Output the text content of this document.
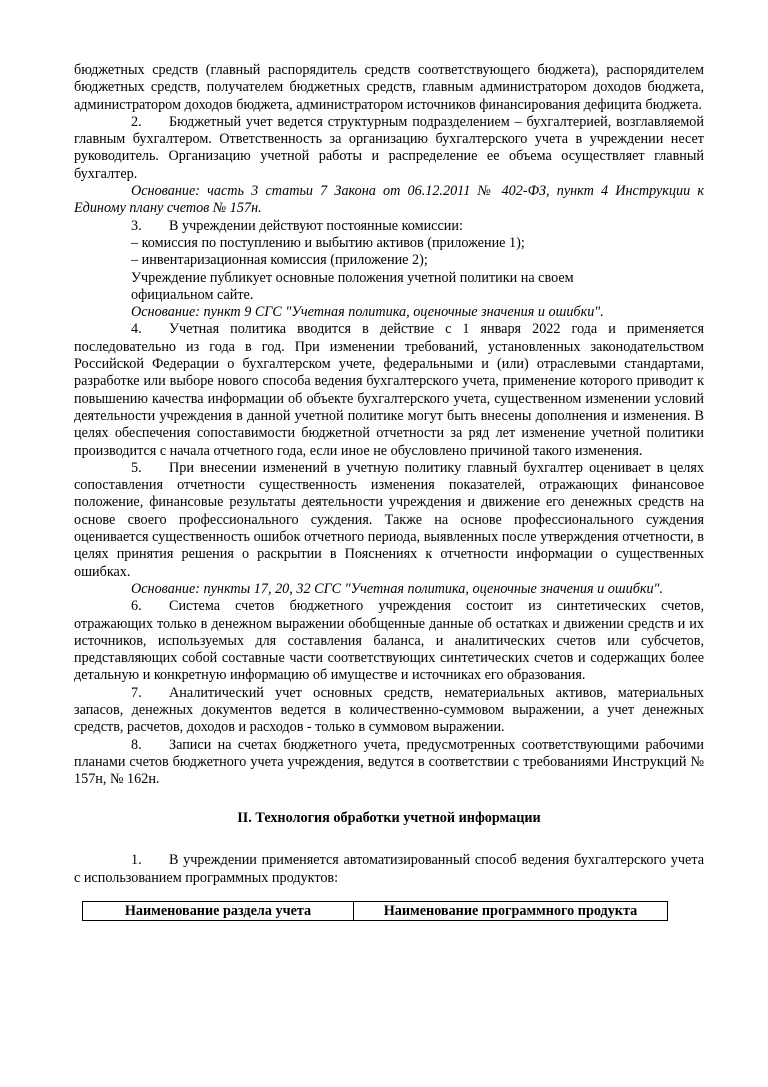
бюджетных средств (главный распорядитель средств соответствующего бюджета), распорядителем бюджетных средств, получателем бюджетных средств, главным администратором доходов бюджета, администратором доходов бюджета, администратором источников финансирования дефицита бюджета.

2. Бюджетный учет ведется структурным подразделением – бухгалтерией, возглавляемой главным бухгалтером. Ответственность за организацию бухгалтерского учета в учреждении несет руководитель. Организацию учетной работы и распределение ее объема осуществляет главный бухгалтер.

Основание: часть 3 статьи 7 Закона от 06.12.2011 № 402-ФЗ, пункт 4 Инструкции к Единому плану счетов № 157н.

3. В учреждении действуют постоянные комиссии:

– комиссия по поступлению и выбытию активов (приложение 1);

– инвентаризационная комиссия (приложение 2);

Учреждение публикует основные положения учетной политики на своем официальном сайте.

Основание: пункт 9 СГС "Учетная политика, оценочные значения и ошибки".

4. Учетная политика вводится в действие с 1 января 2022 года и применяется последовательно из года в год. При изменении требований, установленных законодательством Российской Федерации о бухгалтерском учете, федеральными и (или) отраслевыми стандартами, разработке или выборе нового способа ведения бухгалтерского учета, применение которого приводит к повышению качества информации об объекте бухгалтерского учета, существенном изменении условий деятельности учреждения в данной учетной политике могут быть внесены дополнения и изменения. В целях обеспечения сопоставимости бюджетной отчетности за ряд лет изменение учетной политики производится с начала отчетного года, если иное не обусловлено причиной такого изменения.

5. При внесении изменений в учетную политику главный бухгалтер оценивает в целях сопоставления отчетности существенность изменения показателей, отражающих финансовое положение, финансовые результаты деятельности учреждения и движение его денежных средств на основе своего профессионального суждения. Также на основе профессионального суждения оценивается существенность ошибок отчетного периода, выявленных после утверждения отчетности, в целях принятия решения о раскрытии в Пояснениях к отчетности информации о существенных ошибках.

Основание: пункты 17, 20, 32 СГС "Учетная политика, оценочные значения и ошибки".

6. Система счетов бюджетного учреждения состоит из синтетических счетов, отражающих только в денежном выражении обобщенные данные об остатках и движении средств и их источников, используемых для составления баланса, и аналитических счетов или субсчетов, представляющих собой составные части соответствующих синтетических счетов и содержащих более детальную и конкретную информацию об имуществе и источниках его образования.

7. Аналитический учет основных средств, нематериальных активов, материальных запасов, денежных документов ведется в количественно-суммовом выражении, а учет денежных средств, расчетов, доходов и расходов - только в суммовом выражении.

8. Записи на счетах бюджетного учета, предусмотренных соответствующими рабочими планами счетов бюджетного учета учреждения, ведутся в соответствии с требованиями Инструкций № 157н, № 162н.

II. Технология обработки учетной информации

1. В учреждении применяется автоматизированный способ ведения бухгалтерского учета с использованием программных продуктов:

Наименование раздела учета	Наименование программного продукта
